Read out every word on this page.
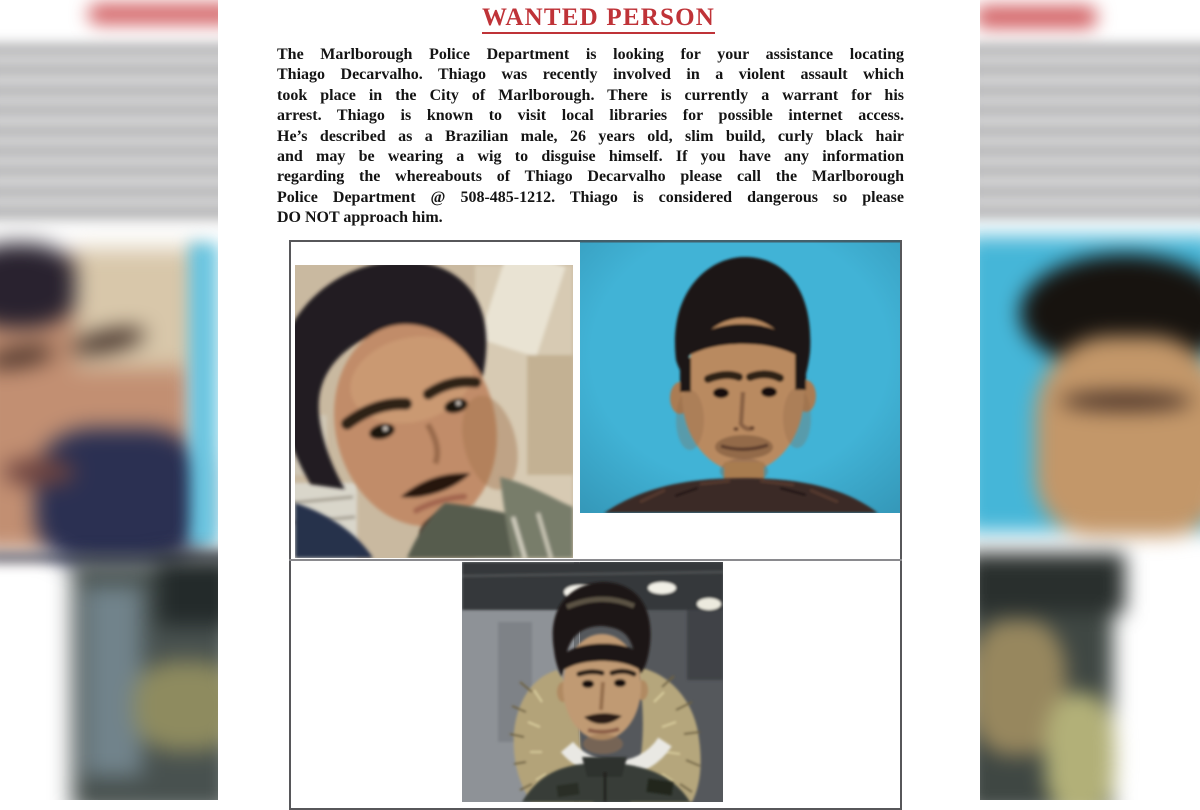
WANTED PERSON
The Marlborough Police Department is looking for your assistance locating
Thiago Decarvalho. Thiago was recently involved in a violent assault which
took place in the City of Marlborough. There is currently a warrant for his
arrest. Thiago is known to visit local libraries for possible internet access.
He’s described as a Brazilian male, 26 years old, slim build, curly black hair
and may be wearing a wig to disguise himself. If you have any information
regarding the whereabouts of Thiago Decarvalho please call the Marlborough
Police Department @ 508-485-1212. Thiago is considered dangerous so please
DO NOT approach him.
